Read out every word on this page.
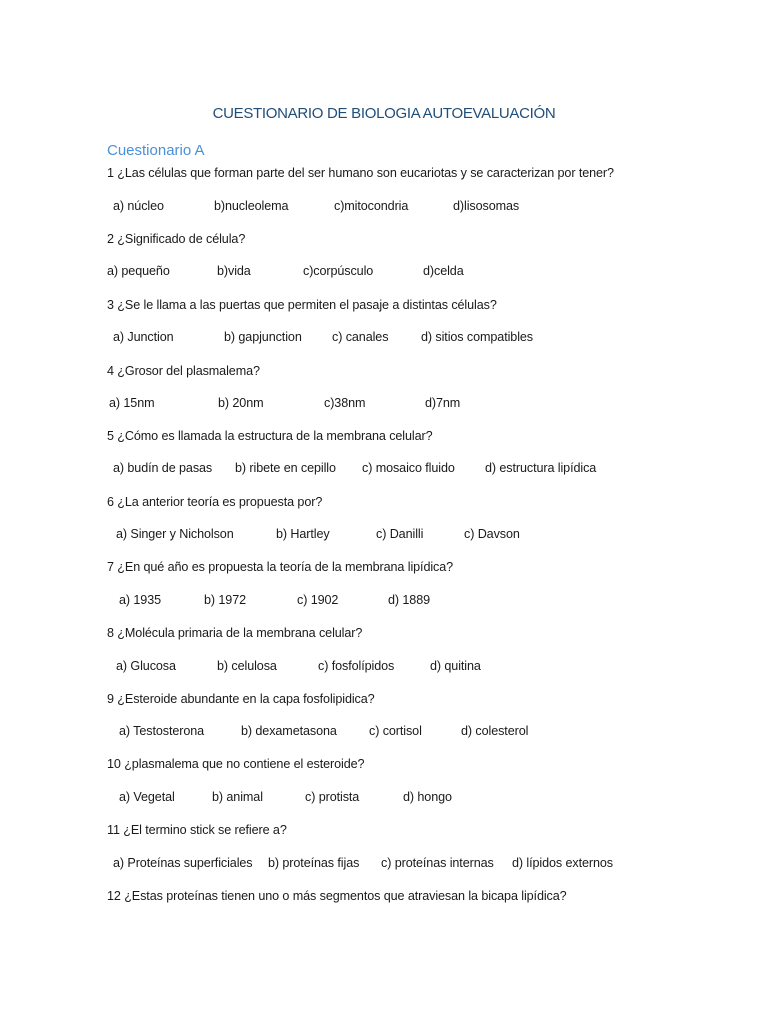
CUESTIONARIO DE BIOLOGIA AUTOEVALUACIÓN
Cuestionario A
1 ¿Las células que forman parte del ser humano son eucariotas y se caracterizan por tener?
a) núcleo	b)nucleolema	c)mitocondria	d)lisosomas
2 ¿Significado de célula?
a) pequeño	b)vida	c)corpúsculo	d)celda
3 ¿Se le llama a las puertas que permiten el pasaje a distintas células?
a) Junction	b) gapjunction c) canales	d) sitios compatibles
4 ¿Grosor del plasmalema?
a) 15nm	b) 20nm	c)38nm	d)7nm
5 ¿Cómo es llamada la estructura de la membrana celular?
a) budín de pasas b) ribete en cepillo c) mosaico fluido d) estructura lipídica
6 ¿La anterior teoría es propuesta por?
a) Singer y Nicholson	b) Hartley	c) Danilli	c) Davson
7 ¿En qué año es propuesta la teoría de la membrana lipídica?
a) 1935	b) 1972	c) 1902	d) 1889
8 ¿Molécula primaria de la membrana celular?
a) Glucosa	b) celulosa	c) fosfolípidos	d) quitina
9 ¿Esteroide abundante en la capa fosfolipidica?
a) Testosterona	b) dexametasona	c) cortisol	d) colesterol
10 ¿plasmalema que no contiene el esteroide?
a) Vegetal	b) animal	c) protista	d) hongo
11 ¿El termino stick se refiere a?
a) Proteínas superficiales b) proteínas fijas c) proteínas internas d) lípidos externos
12 ¿Estas proteínas tienen uno o más segmentos que atraviesan la bicapa lipídica?
